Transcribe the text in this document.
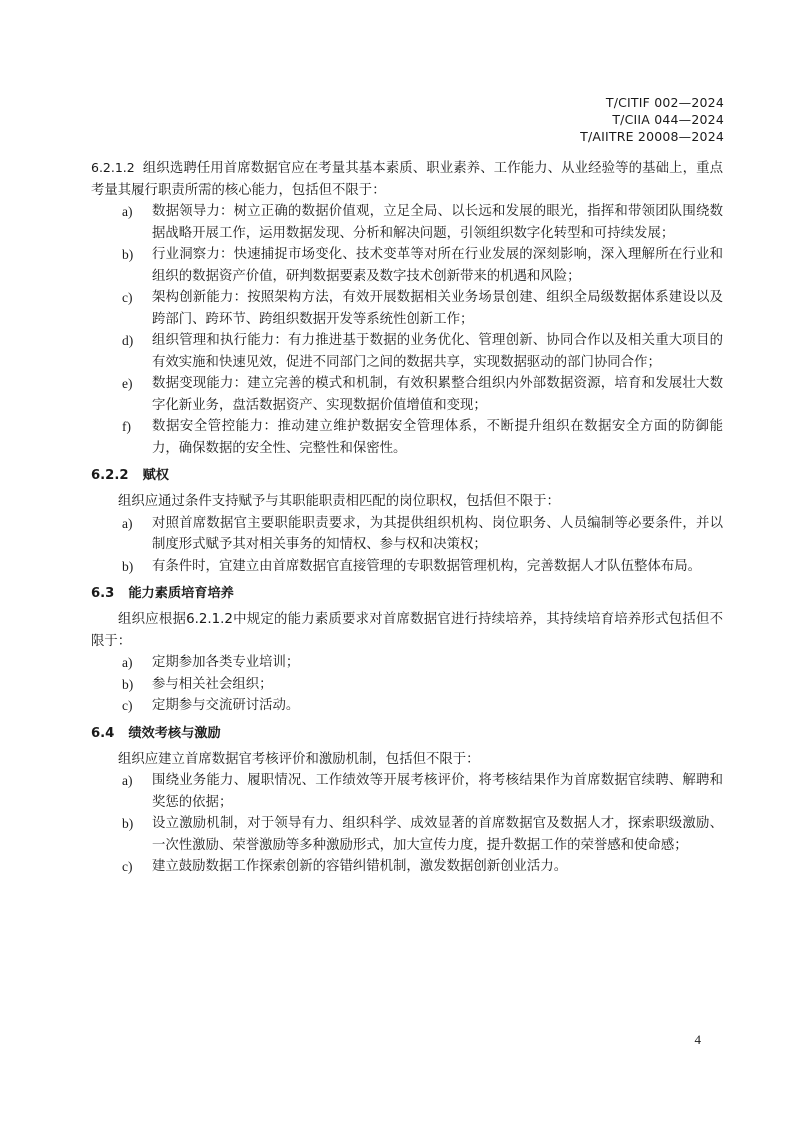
T/CITIF 002—2024
T/CIIA 044—2024
T/AIITRE 20008—2024

6.2.1.2 组织选聘任用首席数据官应在考量其基本素质、职业素养、工作能力、从业经验等的基础上，重点考量其履行职责所需的核心能力，包括但不限于：

a) 数据领导力：树立正确的数据价值观，立足全局、以长远和发展的眼光，指挥和带领团队围绕数据战略开展工作，运用数据发现、分析和解决问题，引领组织数字化转型和可持续发展；
b) 行业洞察力：快速捕捉市场变化、技术变革等对所在行业发展的深刻影响，深入理解所在行业和组织的数据资产价值，研判数据要素及数字技术创新带来的机遇和风险；
c) 架构创新能力：按照架构方法，有效开展数据相关业务场景创建、组织全局级数据体系建设以及跨部门、跨环节、跨组织数据开发等系统性创新工作；
d) 组织管理和执行能力：有力推进基于数据的业务优化、管理创新、协同合作以及相关重大项目的有效实施和快速见效，促进不同部门之间的数据共享，实现数据驱动的部门协同合作；
e) 数据变现能力：建立完善的模式和机制，有效积累整合组织内外部数据资源，培育和发展壮大数字化新业务，盘活数据资产、实现数据价值增值和变现；
f) 数据安全管控能力：推动建立维护数据安全管理体系，不断提升组织在数据安全方面的防御能力，确保数据的安全性、完整性和保密性。
6.2.2 赋权

组织应通过条件支持赋予与其职能职责相匹配的岗位职权，包括但不限于：

a) 对照首席数据官主要职能职责要求，为其提供组织机构、岗位职务、人员编制等必要条件，并以制度形式赋予其对相关事务的知情权、参与权和决策权；
b) 有条件时，宜建立由首席数据官直接管理的专职数据管理机构，完善数据人才队伍整体布局。
6.3 能力素质培育培养

组织应根据6.2.1.2中规定的能力素质要求对首席数据官进行持续培养，其持续培育培养形式包括但不限于：

a) 定期参加各类专业培训；
b) 参与相关社会组织；
c) 定期参与交流研讨活动。
6.4 绩效考核与激励

组织应建立首席数据官考核评价和激励机制，包括但不限于：

a) 围绕业务能力、履职情况、工作绩效等开展考核评价，将考核结果作为首席数据官续聘、解聘和奖惩的依据；
b) 设立激励机制，对于领导有力、组织科学、成效显著的首席数据官及数据人才，探索职级激励、一次性激励、荣誉激励等多种激励形式，加大宣传力度，提升数据工作的荣誉感和使命感；
c) 建立鼓励数据工作探索创新的容错纠错机制，激发数据创新创业活力。
4
